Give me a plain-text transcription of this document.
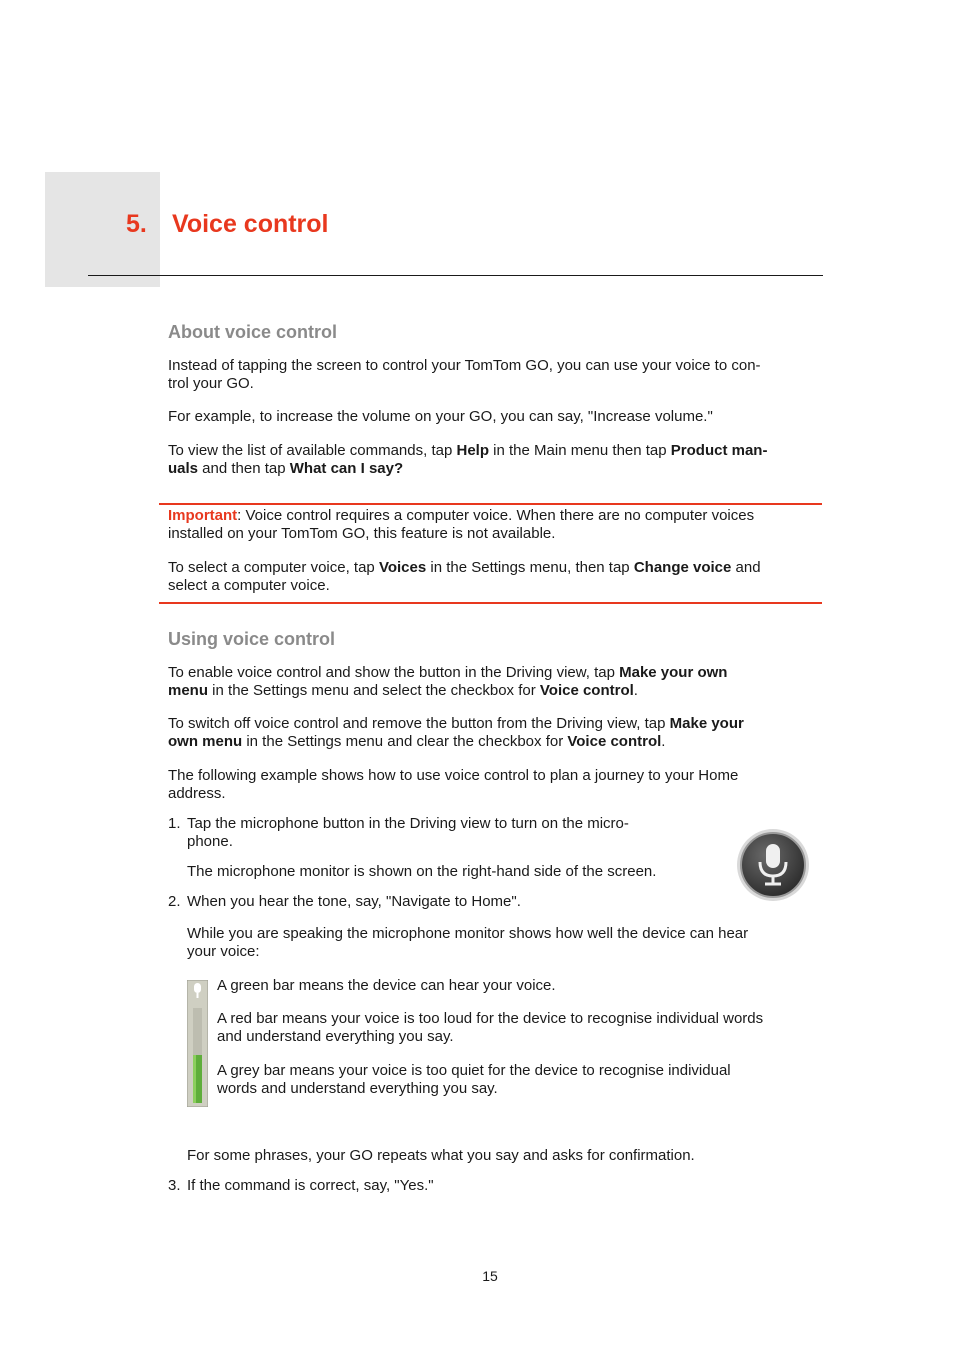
5. Voice control
About voice control
Instead of tapping the screen to control your TomTom GO, you can use your voice to con-
trol your GO.
For example, to increase the volume on your GO, you can say, "Increase volume."
To view the list of available commands, tap Help in the Main menu then tap Product man-
uals and then tap What can I say?
Important: Voice control requires a computer voice. When there are no computer voices
installed on your TomTom GO, this feature is not available.
To select a computer voice, tap Voices in the Settings menu, then tap Change voice and
select a computer voice.
Using voice control
To enable voice control and show the button in the Driving view, tap Make your own
menu in the Settings menu and select the checkbox for Voice control.
To switch off voice control and remove the button from the Driving view, tap Make your
own menu in the Settings menu and clear the checkbox for Voice control.
The following example shows how to use voice control to plan a journey to your Home
address.
1. Tap the microphone button in the Driving view to turn on the micro-
phone.
The microphone monitor is shown on the right-hand side of the screen.
2. When you hear the tone, say, "Navigate to Home".
While you are speaking the microphone monitor shows how well the device can hear
your voice:
A green bar means the device can hear your voice.
A red bar means your voice is too loud for the device to recognise individual words
and understand everything you say.
A grey bar means your voice is too quiet for the device to recognise individual
words and understand everything you say.
For some phrases, your GO repeats what you say and asks for confirmation.
3. If the command is correct, say, "Yes."
15
